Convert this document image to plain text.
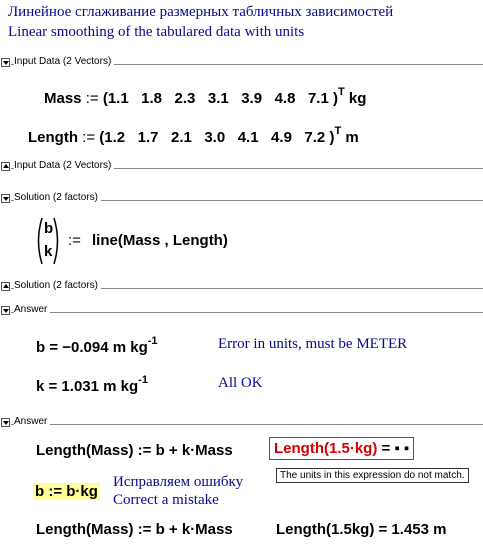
Линейное сглаживание размерных табличных зависимостей
Linear smoothing of the tabulared data with units
Input Data (2 Vectors)
Mass := (1.1   1.8   2.3   3.1   3.9   4.8   7.1 )$^T$ kg
Length := (1.2   1.7   2.1   3.0   4.1   4.9   7.2 )$^T$ m
Input Data (2 Vectors)
Solution (2 factors)
b
k
:= line(Mass , Length)
Solution (2 factors)
Answer
b = −0.094 m $kg^{-1}$	Error in units, must be METER
k = 1.031 m $kg^{-1}$	All OK
Answer
Length(Mass) := b + k·Mass	Length(1.5·kg) = ▪ ▪
The units in this expression do not match.
b := b·kg
Исправляем ошибку
Correct a mistake
Length(Mass) := b + k·Mass	Length(1.5kg) = 1.453 m
